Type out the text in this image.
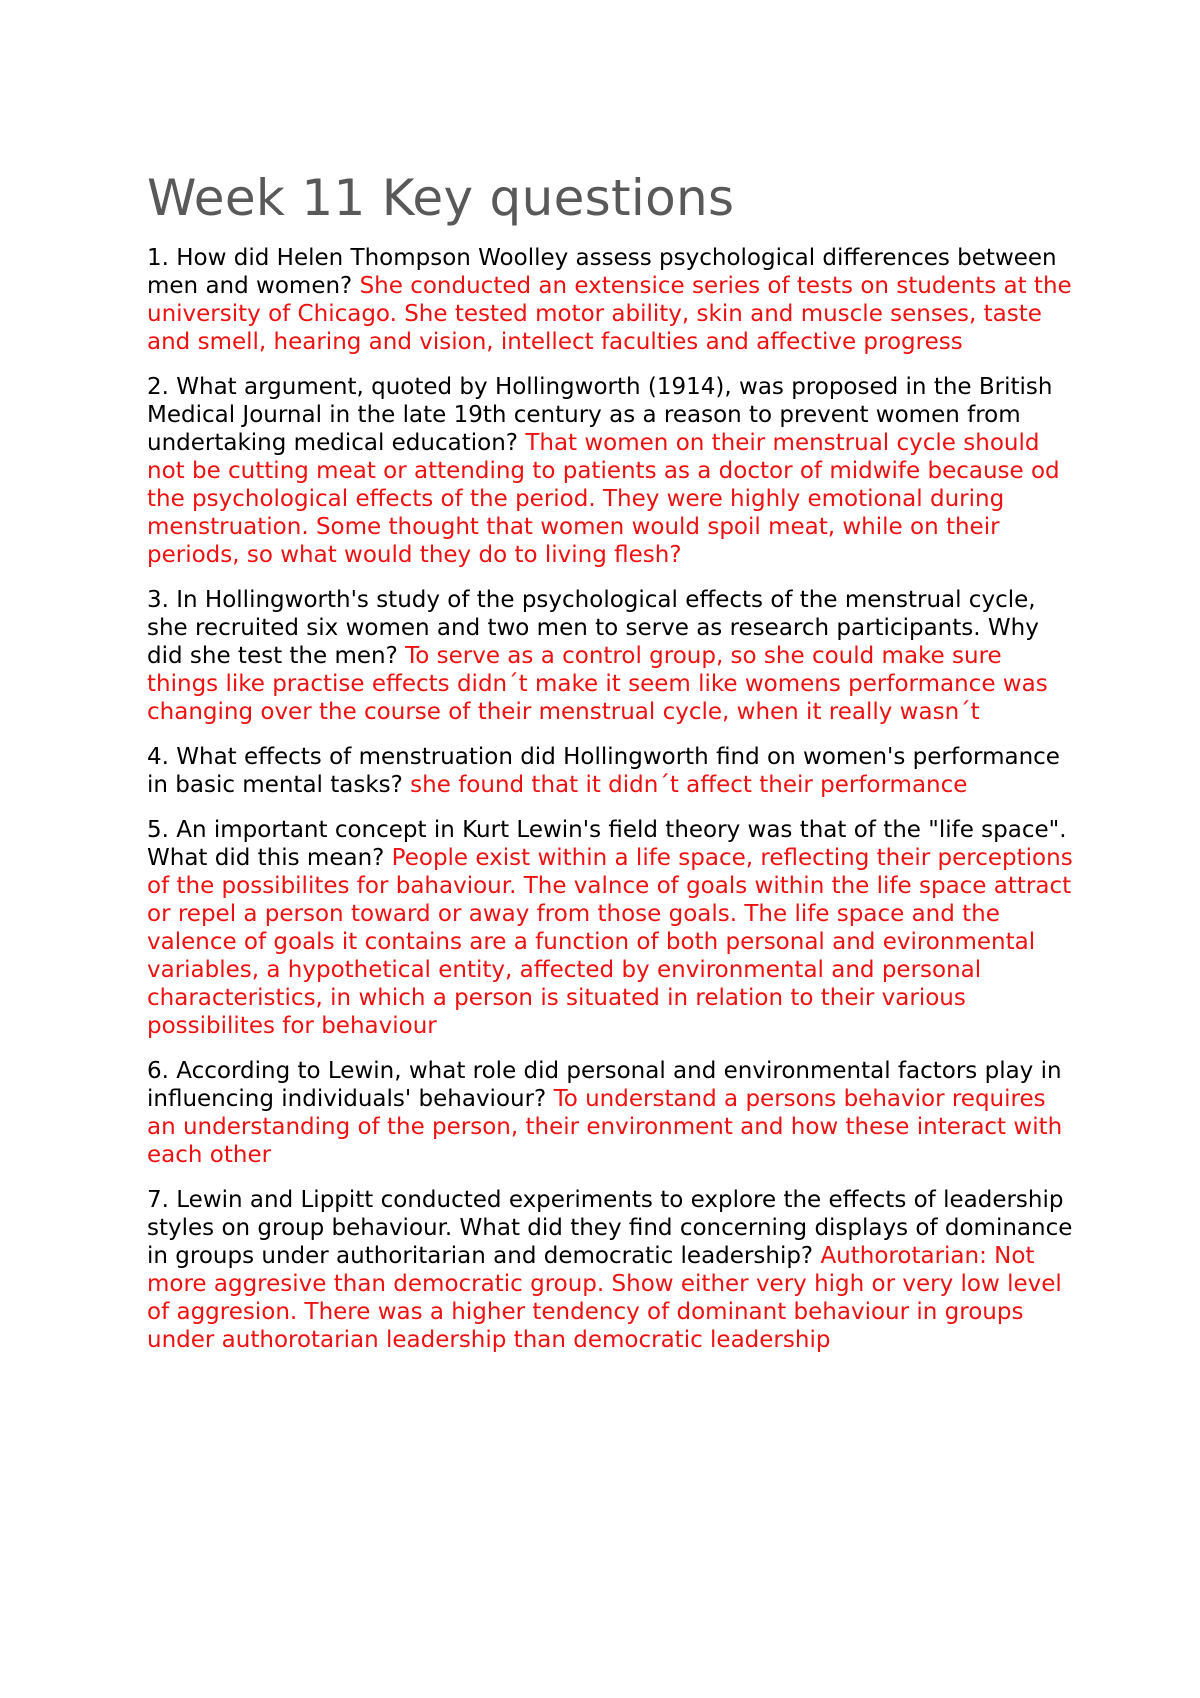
Week 11 Key questions

1. How did Helen Thompson Woolley assess psychological differences between men and women? She conducted an extensice series of tests on students at the university of Chicago. She tested motor ability, skin and muscle senses, taste and smell, hearing and vision, intellect faculties and affective progress

2. What argument, quoted by Hollingworth (1914), was proposed in the British Medical Journal in the late 19th century as a reason to prevent women from undertaking medical education? That women on their menstrual cycle should not be cutting meat or attending to patients as a doctor of midwife because od the psychological effects of the period. They were highly emotional during menstruation. Some thought that women would spoil meat, while on their periods, so what would they do to living flesh?

3. In Hollingworth's study of the psychological effects of the menstrual cycle, she recruited six women and two men to serve as research participants. Why did she test the men? To serve as a control group, so she could make sure things like practise effects didn´t make it seem like womens performance was changing over the course of their menstrual cycle, when it really wasn´t

4. What effects of menstruation did Hollingworth find on women's performance in basic mental tasks? she found that it didn´t affect their performance

5. An important concept in Kurt Lewin's field theory was that of the "life space". What did this mean? People exist within a life space, reflecting their perceptions of the possibilites for bahaviour. The valnce of goals within the life space attract or repel a person toward or away from those goals. The life space and the valence of goals it contains are a function of both personal and evironmental variables, a hypothetical entity, affected by environmental and personal characteristics, in which a person is situated in relation to their various possibilites for behaviour

6. According to Lewin, what role did personal and environmental factors play in influencing individuals' behaviour? To understand a persons behavior requires an understanding of the person, their environment and how these interact with each other

7. Lewin and Lippitt conducted experiments to explore the effects of leadership styles on group behaviour. What did they find concerning displays of dominance in groups under authoritarian and democratic leadership? Authorotarian: Not more aggresive than democratic group. Show either very high or very low level of aggresion. There was a higher tendency of dominant behaviour in groups under authorotarian leadership than democratic leadership
